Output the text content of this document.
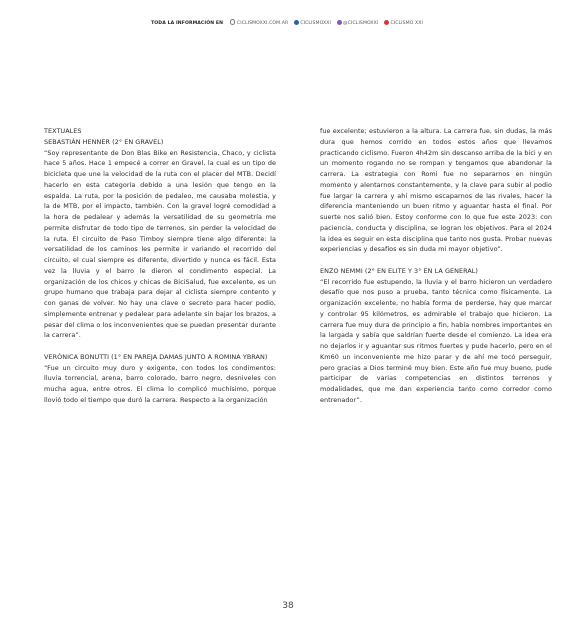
TODA LA INFORMACIÓN EN	CICLISMOXXI.COM.AR	CICLISMOXXI	@CICLISMOXXI	CICLISMO XXI

TEXTUALES

SEBASTIÁN HENNER (2° EN GRAVEL)

“Soy representante de Don Blas Bike en Resistencia, Chaco, y ciclista hace 5 años. Hace 1 empecé a correr en Gravel, la cual es un tipo de bicicleta que une la velocidad de la ruta con el placer del MTB. Decidí hacerlo en esta categoría debido a una lesión que tengo en la espalda. La ruta, por la posición de pedaleo, me causaba molestia, y la de MTB, por el impacto, también. Con la gravel logré comodidad a la hora de pedalear y además la versatilidad de su geometría me permite disfrutar de todo tipo de terrenos, sin perder la velocidad de la ruta. El circuito de Paso Timboy siempre tiene algo diferente: la versatilidad de los caminos les permite ir variando el recorrido del circuito, el cual siempre es diferente, divertido y nunca es fácil. Esta vez la lluvia y el barro le dieron el condimento especial. La organización de los chicos y chicas de BiciSalud, fue excelente, es un grupo humano que trabaja para dejar al ciclista siempre contento y con ganas de volver. No hay una clave o secreto para hacer podio, simplemente entrenar y pedalear para adelante sin bajar los brazos, a pesar del clima o los inconvenientes que se puedan presentar durante la carrera”.

VERÓNICA BONUTTI (1° EN PAREJA DAMAS JUNTO A ROMINA YBRAN)

“Fue un circuito muy duro y exigente, con todos los condimentos: lluvia torrencial, arena, barro colorado, barro negro, desniveles con mucha agua, entre otros. El clima lo complicó muchísimo, porque llovió todo el tiempo que duró la carrera. Respecto a la organización

fue excelente; estuvieron a la altura. La carrera fue, sin dudas, la más dura que hemos corrido en todos estos años que llevamos practicando ciclismo. Fueron 4h42m sin descanso arriba de la bici y en un momento rogando no se rompan y tengamos que abandonar la carrera. La estrategia con Romi fue no separarnos en ningún momento y alentarnos constantemente, y la clave para subir al podio fue largar la carrera y ahí mismo escaparnos de las rivales, hacer la diferencia manteniendo un buen ritmo y aguantar hasta el final. Por suerte nos salió bien. Estoy conforme con lo que fue este 2023: con paciencia, conducta y disciplina, se logran los objetivos. Para el 2024 la idea es seguir en esta disciplina que tanto nos gusta. Probar nuevas experiencias y desafíos es sin duda mi mayor objetivo”.

ENZO NEMMI (2° EN ELITE Y 3° EN LA GENERAL)

“El recorrido fue estupendo, la lluvia y el barro hicieron un verdadero desafío que nos puso a prueba, tanto técnica como físicamente. La organización excelente, no había forma de perderse, hay que marcar y controlar 95 kilómetros, es admirable el trabajo que hicieron. La carrera fue muy dura de principio a fin, había nombres importantes en la largada y sabía que saldrían fuerte desde el comienzo. La idea era no dejarlos ir y aguantar sus ritmos fuertes y pude hacerlo, pero en el Km60 un inconveniente me hizo parar y de ahí me tocó perseguir, pero gracias a Dios terminé muy bien. Este año fue muy bueno, pude participar de varias competencias en distintos terrenos y modalidades, que me dan experiencia tanto como corredor como entrenador”.

38
